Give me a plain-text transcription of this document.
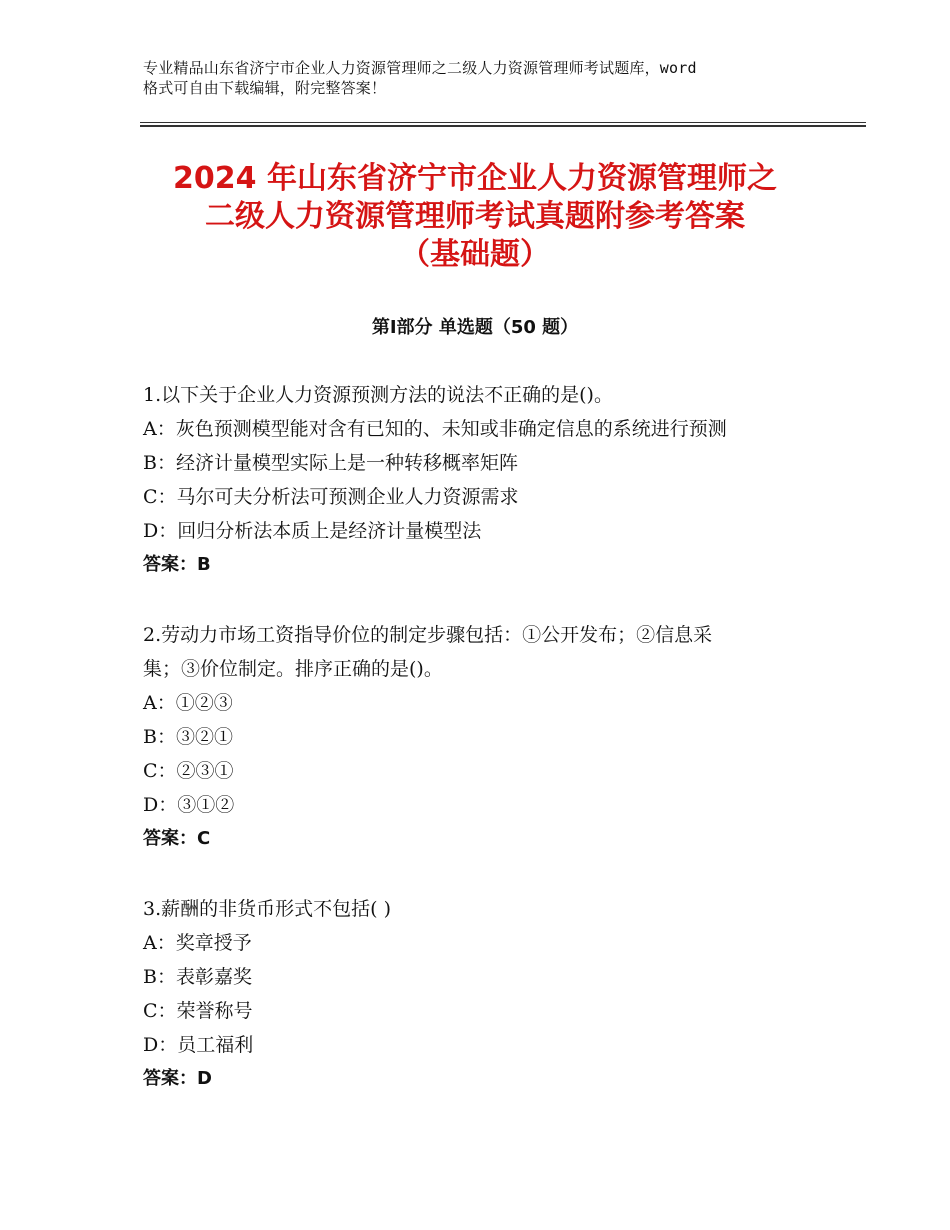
专业精品山东省济宁市企业人力资源管理师之二级人力资源管理师考试题库，word
格式可自由下载编辑，附完整答案！
2024 年山东省济宁市企业人力资源管理师之
二级人力资源管理师考试真题附参考答案
（基础题）
第Ⅰ部分 单选题（50 题）
1.以下关于企业人力资源预测方法的说法不正确的是()。
A：灰色预测模型能对含有已知的、未知或非确定信息的系统进行预测
B：经济计量模型实际上是一种转移概率矩阵
C：马尔可夫分析法可预测企业人力资源需求
D：回归分析法本质上是经济计量模型法
答案：B
2.劳动力市场工资指导价位的制定步骤包括：①公开发布；②信息采
集；③价位制定。排序正确的是()。
A：①②③
B：③②①
C：②③①
D：③①②
答案：C
3.薪酬的非货币形式不包括( )
A：奖章授予
B：表彰嘉奖
C：荣誉称号
D：员工福利
答案：D
